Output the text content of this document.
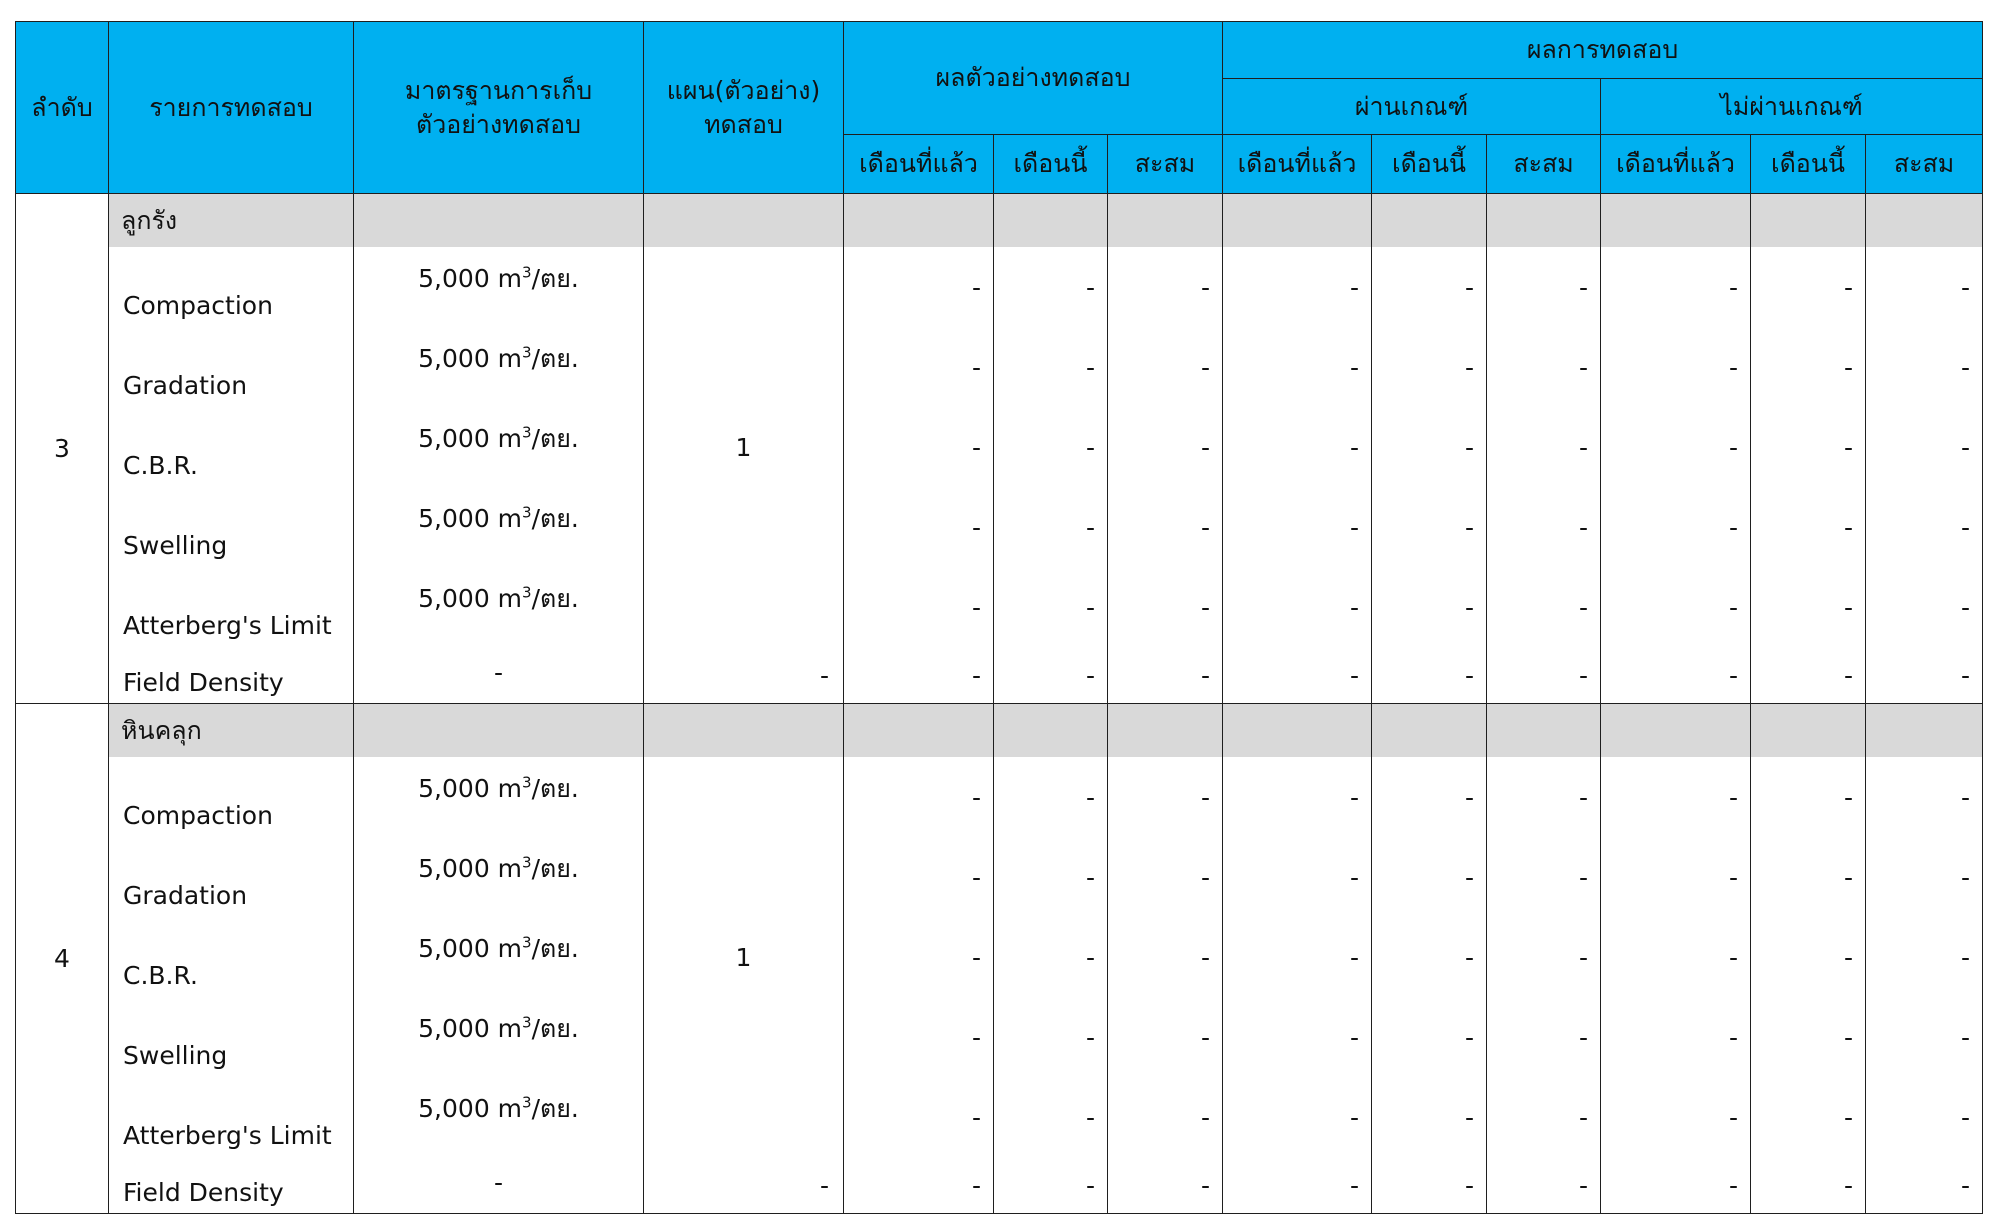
ลำดับ	รายการทดสอบ	มาตรฐานการเก็บ
ตัวอย่างทดสอบ	แผน(ตัวอย่าง)
ทดสอบ	ผลตัวอย่างทดสอบ			ผลการทดสอบ					
							ผ่านเกณฑ์			ไม่ผ่านเกณฑ์		
				เดือนที่แล้ว	เดือนนี้	สะสม	เดือนที่แล้ว	เดือนนี้	สะสม	เดือนที่แล้ว	เดือนนี้	สะสม
3	ลูกรัง											
	Compaction	5,000 $m^3/$ตย.	1	-	-	-	-	-	-	-	-	-
	Gradation	5,000 $m^3/$ตย.		-	-	-	-	-	-	-	-	-
	C.B.R.	5,000 $m^3/$ตย.		-	-	-	-	-	-	-	-	-
	Swelling	5,000 $m^3/$ตย.		-	-	-	-	-	-	-	-	-
	Atterberg's Limit	5,000 $m^3/$ตย.		-	-	-	-	-	-	-	-	-
	Field Density	-	-	-	-	-	-	-	-	-	-	-
4	หินคลุก											
	Compaction	5,000 $m^3/$ตย.	1	-	-	-	-	-	-	-	-	-
	Gradation	5,000 $m^3/$ตย.		-	-	-	-	-	-	-	-	-
	C.B.R.	5,000 $m^3/$ตย.		-	-	-	-	-	-	-	-	-
	Swelling	5,000 $m^3/$ตย.		-	-	-	-	-	-	-	-	-
	Atterberg's Limit	5,000 $m^3/$ตย.		-	-	-	-	-	-	-	-	-
	Field Density	-	-	-	-	-	-	-	-	-	-	-
